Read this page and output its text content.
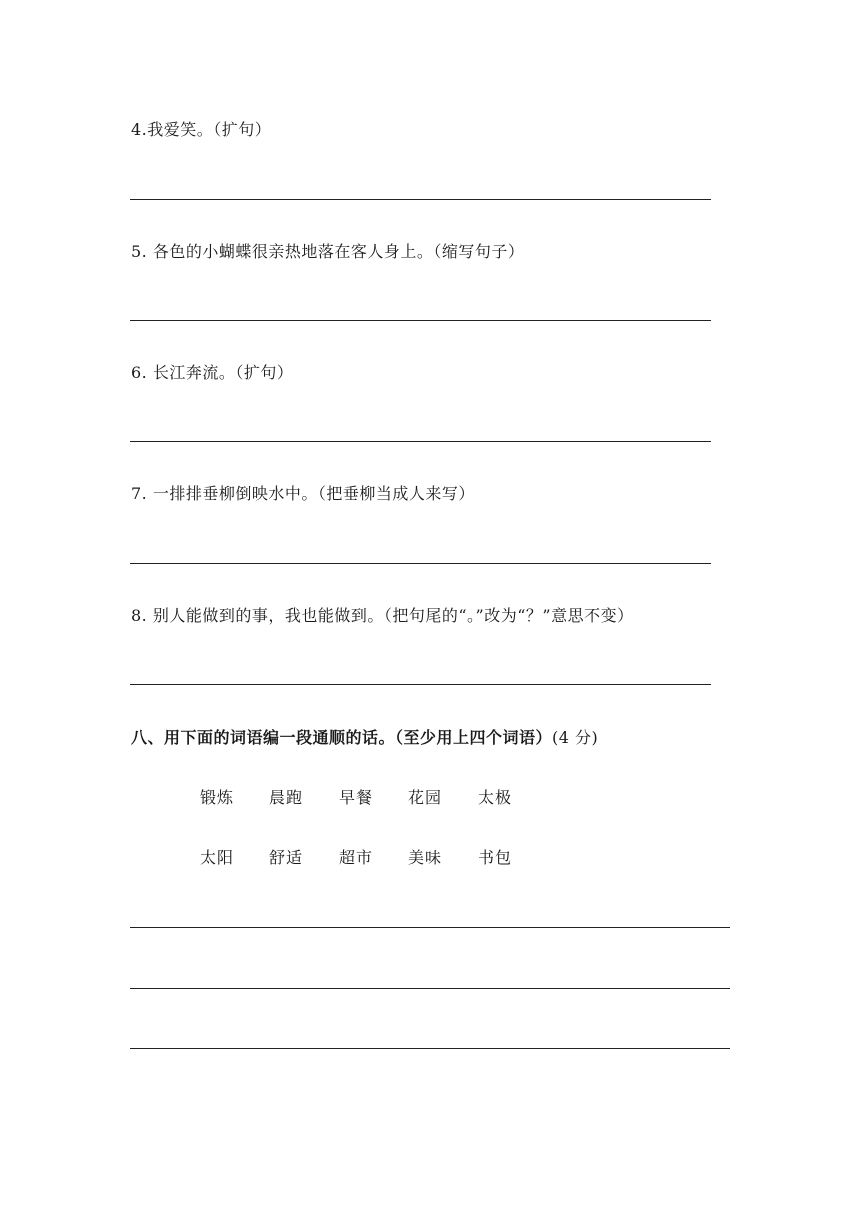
4.我爱笑。（扩句）
5. 各色的小蝴蝶很亲热地落在客人身上。（缩写句子）
6. 长江奔流。（扩句）
7. 一排排垂柳倒映水中。（把垂柳当成人来写）
8. 别人能做到的事，我也能做到。（把句尾的“。”改为“？”意思不变）
八、用下面的词语编一段通顺的话。（至少用上四个词语）(4 分)
锻炼 晨跑 早餐 花园 太极
太阳 舒适 超市 美味 书包
